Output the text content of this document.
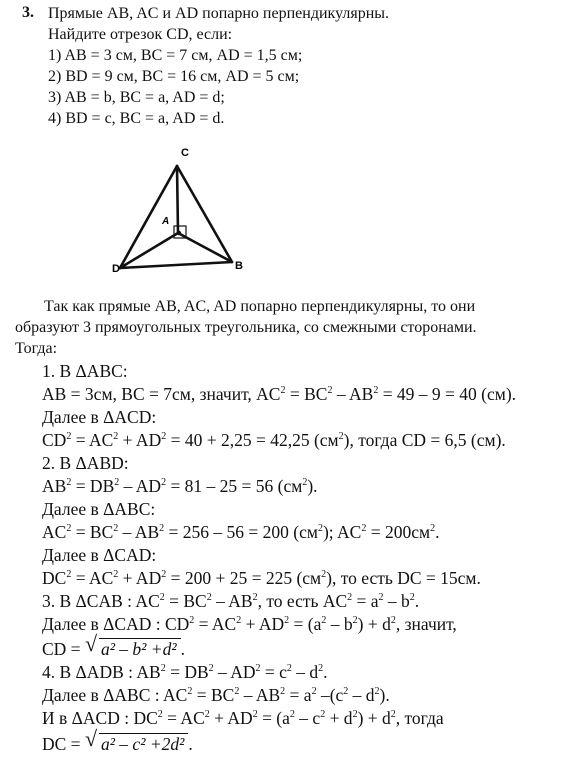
3. Прямые AB, AC и AD попарно перпендикулярны.
Найдите отрезок CD, если:
1) AB = 3 см, BC = 7 см, AD = 1,5 см;
2) BD = 9 см, BC = 16 см, AD = 5 см;
3) AB = b, BC = a, AD = d;
4) BD = c, BC = a, AD = d.
C
A
D	B
Так как прямые AB, AC, AD попарно перпендикулярны, то они
образуют 3 прямоугольных треугольника, со смежными сторонами.
Тогда:
1. В ΔABC:
AB = 3см, BC = 7см, значит, $AC^2 = BC^2 - AB^2 = 49 - 9 = 40$ (см).
Далее в ΔACD:
$CD^2 = AC^2 + AD^2 = 40 + 2,25 = 42,25$ $(см^2)$, тогда CD = 6,5 (см).
2. В ΔABD:
$AB^2 = DB^2 - AD^2 = 81 - 25 = 56$ $(см^2)$.
Далее в ΔABC:
$AC^2 = BC^2 - AB^2 = 256 - 56 = 200$ $(см^2)$; $AC^2 = 200см^2$.
Далее в ΔCAD:
$DC^2 = AC^2 + AD^2 = 200 + 25 = 225$ $(см^2)$, то есть DC = 15см.
3. В ΔCAB : $AC^2 = BC^2 - AB^2$, то есть $AC^2 = a^2 - b^2$.
Далее в ΔCAD : $CD^2 = AC^2 + AD^2 = (a^2 - b^2) + d^2$, значит,
CD = √ a² – b² +d² .
4. В ΔADB : $AB^2 = DB^2 - AD^2 = c^2 - d^2$.
Далее в ΔABC : $AC^2 = BC^2 - AB^2 = a^2$ $-(c^2 - d^2)$.
И в ΔACD : $DC^2 = AC^2 + AD^2 = (a^2 - c^2 + d^2) + d^2$, тогда
DC = √ a² – c² +2d² .
